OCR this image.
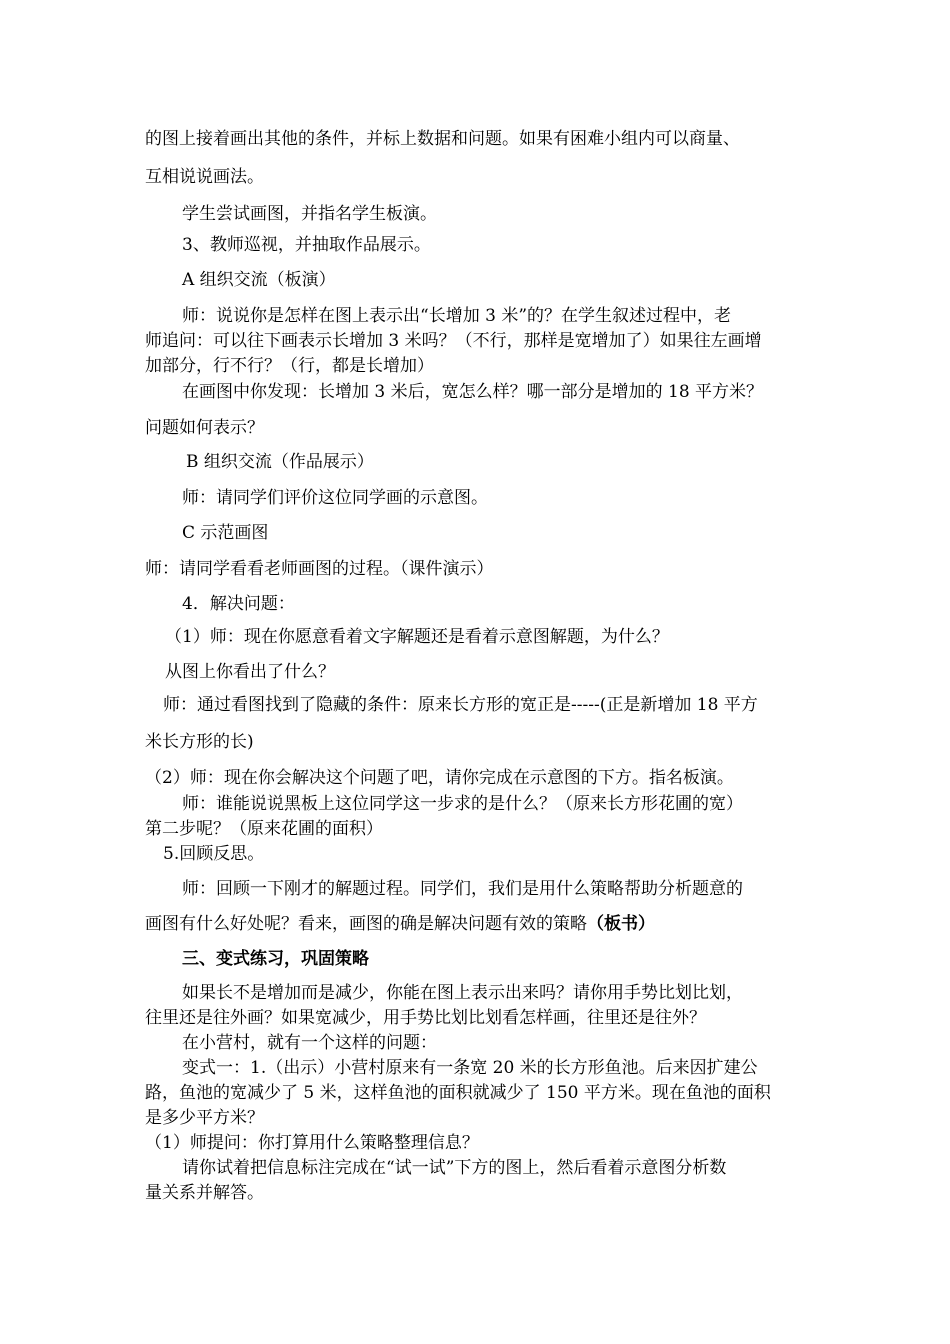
的图上接着画出其他的条件，并标上数据和问题。如果有困难小组内可以商量、

互相说说画法。

学生尝试画图，并指名学生板演。

3、教师巡视，并抽取作品展示。

A 组织交流（板演）

师：说说你是怎样在图上表示出“长增加 3 米”的？在学生叙述过程中，老

师追问：可以往下画表示长增加 3 米吗？（不行，那样是宽增加了）如果往左画增

加部分，行不行？（行，都是长增加）

在画图中你发现：长增加 3 米后，宽怎么样？哪一部分是增加的 18 平方米？

问题如何表示？

B 组织交流（作品展示）

师：请同学们评价这位同学画的示意图。

C 示范画图

师：请同学看看老师画图的过程。（课件演示）

4．解决问题：

（1）师：现在你愿意看着文字解题还是看着示意图解题，为什么？

从图上你看出了什么？

师：通过看图找到了隐藏的条件：原来长方形的宽正是-----(正是新增加 18 平方

米长方形的长)

（2）师：现在你会解决这个问题了吧，请你完成在示意图的下方。指名板演。

师：谁能说说黑板上这位同学这一步求的是什么？（原来长方形花圃的宽）

第二步呢？（原来花圃的面积）

5.回顾反思。

师：回顾一下刚才的解题过程。同学们，我们是用什么策略帮助分析题意的

画图有什么好处呢？看来，画图的确是解决问题有效的策略（板书）

三、变式练习，巩固策略

如果长不是增加而是减少，你能在图上表示出来吗？请你用手势比划比划，

往里还是往外画？如果宽减少，用手势比划比划看怎样画，往里还是往外？

在小营村，就有一个这样的问题：

变式一：1.（出示）小营村原来有一条宽 20 米的长方形鱼池。后来因扩建公

路，鱼池的宽减少了 5 米，这样鱼池的面积就减少了 150 平方米。现在鱼池的面积

是多少平方米？

（1）师提问：你打算用什么策略整理信息？

请你试着把信息标注完成在“试一试”下方的图上，然后看着示意图分析数

量关系并解答。
